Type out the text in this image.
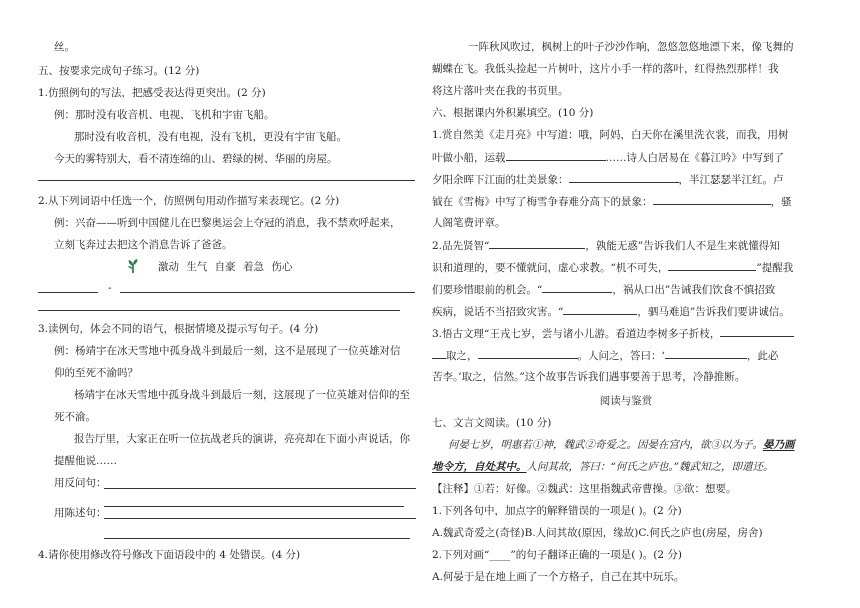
丝。
五、按要求完成句子练习。(12 分)
1.仿照例句的写法，把感受表达得更突出。(2 分)
例：那时没有收音机、电视、飞机和宇宙飞船。
那时没有收音机，没有电视，没有飞机，更没有宇宙飞船。
今天的雾特别大，看不清连绵的山、碧绿的树、华丽的房屋。
2.从下列词语中任选一个，仿照例句用动作描写来表现它。(2 分)
例：兴奋——听到中国健儿在巴黎奥运会上夺冠的消息，我不禁欢呼起来，
立刻飞奔过去把这个消息告诉了爸爸。
激动 生气 自豪 着急 伤心
-
3.读例句，体会不同的语气，根据情境及提示写句子。(4 分)
例：杨靖宇在冰天雪地中孤身战斗到最后一刻，这不是展现了一位英雄对信
仰的至死不渝吗？
杨靖宇在冰天雪地中孤身战斗到最后一刻，这展现了一位英雄对信仰的至
死不渝。
报告厅里，大家正在听一位抗战老兵的演讲，亮亮却在下面小声说话，你
提醒他说……
用反问句：
用陈述句：
4.请你使用修改符号修改下面语段中的 4 处错误。(4 分)
一阵秋风吹过，枫树上的叶子沙沙作响，忽悠忽悠地漂下来，像飞舞的
蝴蝶在飞。我低头捡起一片树叶，这片小手一样的落叶，红得热烈那样！我
将这片落叶夹在我的书页里。
六、根据课内外积累填空。(10 分)
1.赏自然美《走月亮》中写道：哦，阿妈，白天你在溪里洗衣裳，而我，用树
叶做小船，运载	……诗人白居易在《暮江吟》中写到了
夕阳余晖下江面的壮美景象：	，半江瑟瑟半江红。卢
钺在《雪梅》中写了梅雪争春难分高下的景象：	，骚
人阁笔费评章。
2.品先贤智“	，孰能无惑”告诉我们人不是生来就懂得知
识和道理的，要不懂就问，虚心求教。“机不可失，	”提醒我
们要珍惜眼前的机会。“	，祸从口出”告诫我们饮食不慎招致
疾病，说话不当招致灾害。“	，驷马难追”告诉我们要讲诚信。
3.悟古文理“王戎七岁，尝与诸小儿游。看道边李树多子折枝，
取之，	。人问之，答曰：‘	，此必
苦李。’取之，信然。”这个故事告诉我们遇事要善于思考，冷静推断。
阅读与鉴赏
七、文言文阅读。(10 分)
何晏七岁，明惠若①神，魏武②奇爱之。因晏在宫内，欲③以为子。晏乃画
地令方，自处其中。人问其故，答曰：“何氏之庐也。”魏武知之，即遣还。
【注释】①若：好像。②魏武：这里指魏武帝曹操。③欲：想要。
1.下列各句中，加点字的解释错误的一项是( )。(2 分)
A.魏武奇爱之(奇怪)B.人问其故(原因，缘故)C.何氏之庐也(房屋，房舍)
2.下列对画“____”的句子翻译正确的一项是( )。(2 分)
A.何晏于是在地上画了一个方格子，自己在其中玩乐。
